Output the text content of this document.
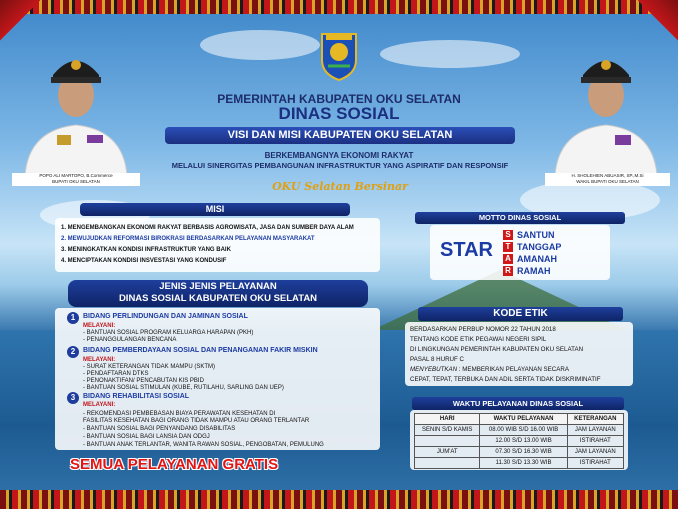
POPO ALI MARTOPO, B.Commerce
BUPATI OKU SELATAN
H. SHOLEHIEN ABUASIR, SP.,M.Si
WAKIL BUPATI OKU SELATAN
PEMERINTAH KABUPATEN OKU SELATAN
DINAS SOSIAL
VISI DAN MISI KABUPATEN OKU SELATAN
BERKEMBANGNYA EKONOMI RAKYAT
MELALUI SINERGITAS PEMBANGUNAN INFRASTRUKTUR YANG ASPIRATIF DAN RESPONSIF
OKU Selatan Bersinar
MISI
1. MENGEMBANGKAN EKONOMI RAKYAT BERBASIS AGROWISATA, JASA DAN SUMBER DAYA ALAM
2. MEWUJUDKAN REFORMASI BIROKRASI BERDASARKAN PELAYANAN MASYARAKAT
3. MENINGKATKAN KONDISI INFRASTRUKTUR YANG BAIK
4. MENCIPTAKAN KONDISI INSVESTASI YANG KONDUSIF
MOTTO DINAS SOSIAL
STAR
S SANTUN
T TANGGAP
A AMANAH
R RAMAH
JENIS JENIS PELAYANAN
DINAS SOSIAL KABUPATEN OKU SELATAN
1	BIDANG PERLINDUNGAN DAN JAMINAN SOSIAL
MELAYANI:
- BANTUAN SOSIAL PROGRAM KELUARGA HARAPAN (PKH)
- PENANGGULANGAN BENCANA
2	BIDANG PEMBERDAYAAN SOSIAL DAN PENANGANAN FAKIR MISKIN
MELAYANI:
- SURAT KETERANGAN TIDAK MAMPU (SKTM)
- PENDAFTARAN DTKS
- PENONAKTIFAN/ PENCABUTAN KIS PBID
- BANTUAN SOSIAL STIMULAN (KUBE, RUTILAHU, SARLING DAN UEP)
3	BIDANG REHABILITASI SOSIAL
MELAYANI:
- REKOMENDASI PEMBEBASAN BIAYA PERAWATAN KESEHATAN DI
FASILITAS KESEHATAN BAGI ORANG TIDAK MAMPU ATAU ORANG TERLANTAR
- BANTUAN SOSIAL BAGI PENYANDANG DISABILITAS
- BANTUAN SOSIAL BAGI LANSIA DAN ODGJ
- BANTUAN ANAK TERLANTAR, WANITA RAWAN SOSIAL, PENGOBATAN, PEMULUNG
SEMUA PELAYANAN GRATIS
KODE ETIK
BERDASARKAN PERBUP NOMOR 22 TAHUN 2018
TENTANG KODE ETIK PEGAWAI NEGERI SIPIL
DI LINGKUNGAN PEMERINTAH KABUPATEN OKU SELATAN
PASAL 8 HURUF C
MENYEBUTKAN : MEMBERIKAN PELAYANAN SECARA
CEPAT, TEPAT, TERBUKA DAN ADIL SERTA TIDAK DISKRIMINATIF
WAKTU PELAYANAN DINAS SOSIAL
HARI	WAKTU PELAYANAN	KETERANGAN
SENIN S/D KAMIS	08.00 WIB S/D 16.00 WIB	JAM LAYANAN
	12.00 S/D 13.00 WIB	ISTIRAHAT
JUM'AT	07.30 S/D 16.30 WIB	JAM LAYANAN
	11.30 S/D 13.30 WIB	ISTIRAHAT
